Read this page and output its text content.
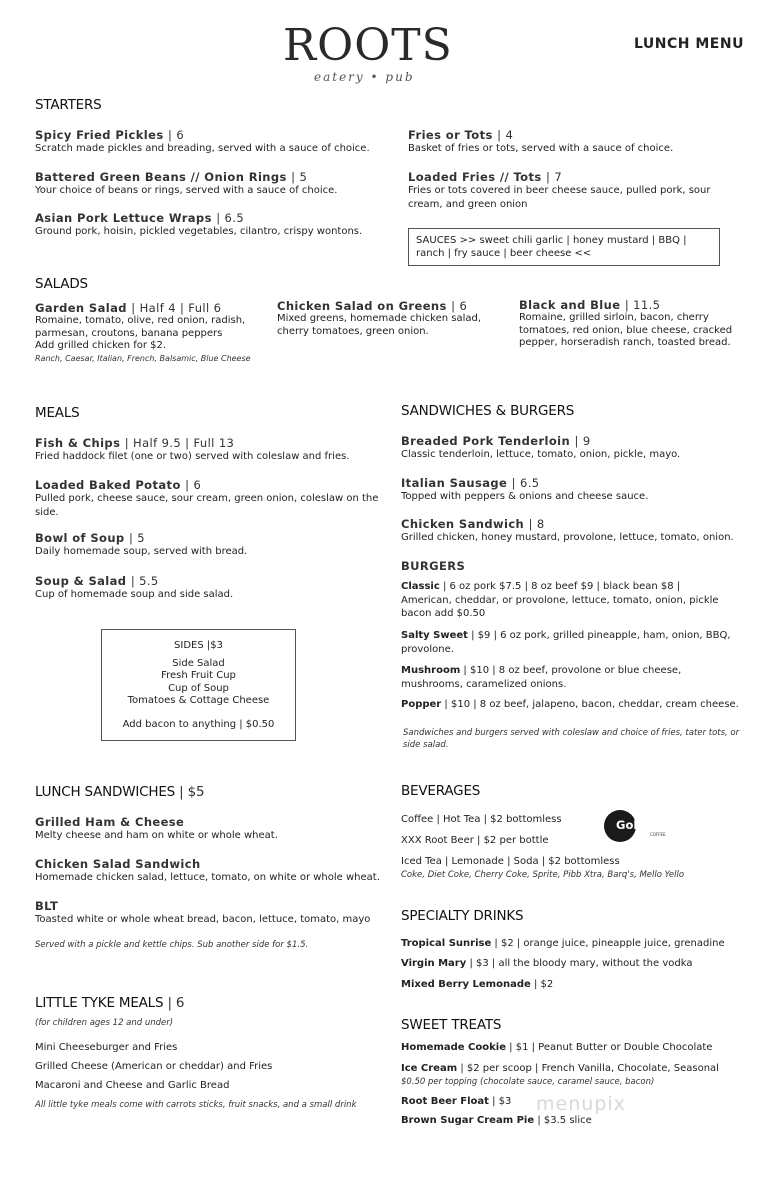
ROOTS
eatery • pub
LUNCH MENU
STARTERS
Spicy Fried Pickles | 6
Scratch made pickles and breading, served with a sauce of choice.
Battered Green Beans // Onion Rings | 5
Your choice of beans or rings, served with a sauce of choice.
Asian Pork Lettuce Wraps | 6.5
Ground pork, hoisin, pickled vegetables, cilantro, crispy wontons.
Fries or Tots | 4
Basket of fries or tots, served with a sauce of choice.
Loaded Fries // Tots | 7
Fries or tots covered in beer cheese sauce, pulled pork, sour cream, and green onion
SAUCES >> sweet chili garlic | honey mustard | BBQ | ranch | fry sauce | beer cheese <<
SALADS
Garden Salad | Half 4 | Full 6
Romaine, tomato, olive, red onion, radish, parmesan, croutons, banana peppers
Add grilled chicken for $2.
Ranch, Caesar, Italian, French, Balsamic, Blue Cheese
Chicken Salad on Greens | 6
Mixed greens, homemade chicken salad, cherry tomatoes, green onion.
Black and Blue | 11.5
Romaine, grilled sirloin, bacon, cherry tomatoes, red onion, blue cheese, cracked pepper, horseradish ranch, toasted bread.
MEALS
Fish & Chips | Half 9.5 | Full 13
Fried haddock filet (one or two) served with coleslaw and fries.
Loaded Baked Potato | 6
Pulled pork, cheese sauce, sour cream, green onion, coleslaw on the side.
Bowl of Soup | 5
Daily homemade soup, served with bread.
Soup & Salad | 5.5
Cup of homemade soup and side salad.
SIDES |$3
Side Salad
Fresh Fruit Cup
Cup of Soup
Tomatoes & Cottage Cheese
Add bacon to anything | $0.50
SANDWICHES & BURGERS
Breaded Pork Tenderloin | 9
Classic tenderloin, lettuce, tomato, onion, pickle, mayo.
Italian Sausage | 6.5
Topped with peppers & onions and cheese sauce.
Chicken Sandwich | 8
Grilled chicken, honey mustard, provolone, lettuce, tomato, onion.
BURGERS
Classic | 6 oz pork $7.5 | 8 oz beef $9 | black bean $8 | American, cheddar, or provolone, lettuce, tomato, onion, pickle bacon add $0.50
Salty Sweet | $9 | 6 oz pork, grilled pineapple, ham, onion, BBQ, provolone.
Mushroom | $10 | 8 oz beef, provolone or blue cheese, mushrooms, caramelized onions.
Popper | $10 | 8 oz beef, jalapeno, bacon, cheddar, cream cheese.
Sandwiches and burgers served with coleslaw and choice of fries, tater tots, or side salad.
LUNCH SANDWICHES | $5
Grilled Ham & Cheese
Melty cheese and ham on white or whole wheat.
Chicken Salad Sandwich
Homemade chicken salad, lettuce, tomato, on white or whole wheat.
BLT
Toasted white or whole wheat bread, bacon, lettuce, tomato, mayo
Served with a pickle and kettle chips. Sub another side for $1.5.
LITTLE TYKE MEALS | 6
(for children ages 12 and under)
Mini Cheeseburger and Fries
Grilled Cheese (American or cheddar) and Fries
Macaroni and Cheese and Garlic Bread
All little tyke meals come with carrots sticks, fruit snacks, and a small drink
BEVERAGES
Coffee | Hot Tea | $2 bottomless
XXX Root Beer | $2 per bottle
Iced Tea | Lemonade | Soda | $2 bottomless
Coke, Diet Coke, Cherry Coke, Sprite, Pibb Xtra, Barq's, Mello Yello
Gobena
COFFEE
SPECIALTY DRINKS
Tropical Sunrise | $2 | orange juice, pineapple juice, grenadine
Virgin Mary | $3 | all the bloody mary, without the vodka
Mixed Berry Lemonade | $2
SWEET TREATS
Homemade Cookie | $1 | Peanut Butter or Double Chocolate
Ice Cream | $2 per scoop | French Vanilla, Chocolate, Seasonal
$0.50 per topping (chocolate sauce, caramel sauce, bacon)
Root Beer Float | $3
Brown Sugar Cream Pie | $3.5 slice
menupix
